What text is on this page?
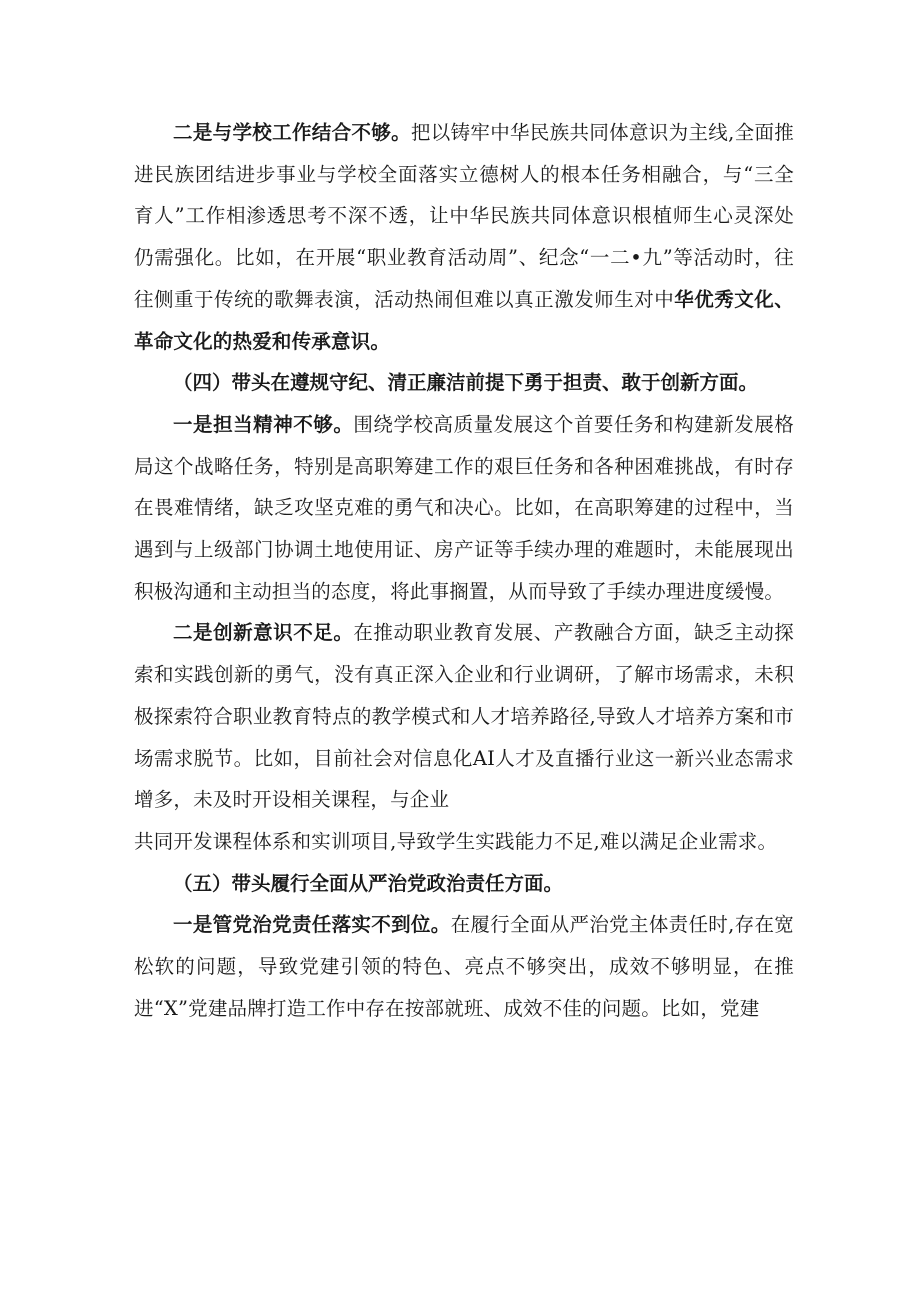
二是与学校工作结合不够。把以铸牢中华民族共同体意识为主线,全面推进民族团结进步事业与学校全面落实立德树人的根本任务相融合，与“三全育人”工作相渗透思考不深不透，让中华民族共同体意识根植师生心灵深处仍需强化。比如，在开展“职业教育活动周”、纪念“一二•九”等活动时，往往侧重于传统的歌舞表演，活动热闹但难以真正激发师生对中华优秀文化、革命文化的热爱和传承意识。

（四）带头在遵规守纪、清正廉洁前提下勇于担责、敢于创新方面。

一是担当精神不够。围绕学校高质量发展这个首要任务和构建新发展格局这个战略任务，特别是高职筹建工作的艰巨任务和各种困难挑战，有时存在畏难情绪，缺乏攻坚克难的勇气和决心。比如，在高职筹建的过程中，当遇到与上级部门协调土地使用证、房产证等手续办理的难题时，未能展现出积极沟通和主动担当的态度，将此事搁置，从而导致了手续办理进度缓慢。

二是创新意识不足。在推动职业教育发展、产教融合方面，缺乏主动探索和实践创新的勇气，没有真正深入企业和行业调研，了解市场需求，未积极探索符合职业教育特点的教学模式和人才培养路径,导致人才培养方案和市场需求脱节。比如，目前社会对信息化AI人才及直播行业这一新兴业态需求增多，未及时开设相关课程，与企业

共同开发课程体系和实训项目,导致学生实践能力不足,难以满足企业需求。

（五）带头履行全面从严治党政治责任方面。

一是管党治党责任落实不到位。在履行全面从严治党主体责任时,存在宽松软的问题，导致党建引领的特色、亮点不够突出，成效不够明显，在推进“X”党建品牌打造工作中存在按部就班、成效不佳的问题。比如，党建
